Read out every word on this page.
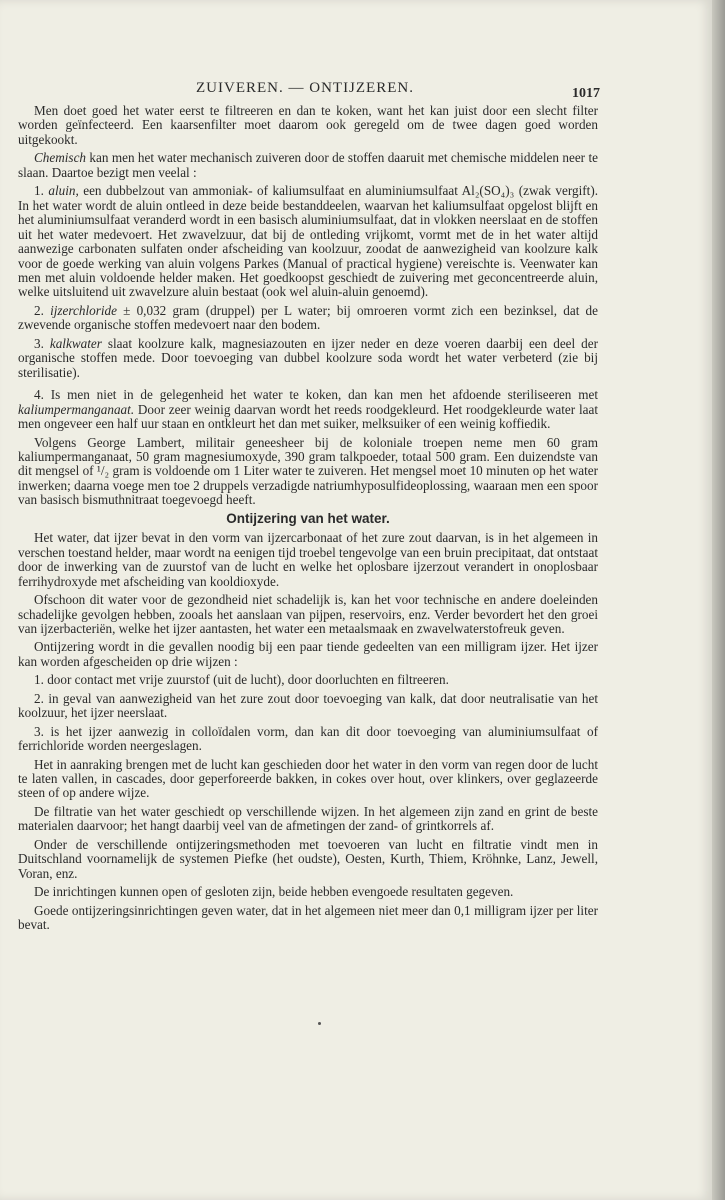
ZUIVEREN. — ONTIJZEREN.	1017

Men doet goed het water eerst te filtreeren en dan te koken, want het kan juist door een slecht filter worden geïnfecteerd. Een kaarsenfilter moet daarom ook geregeld om de twee dagen goed worden uitgekookt.

Chemisch kan men het water mechanisch zuiveren door de stoffen daaruit met chemische middelen neer te slaan. Daartoe bezigt men veelal :

1. aluin, een dubbelzout van ammoniak- of kaliumsulfaat en aluminiumsulfaat Al₂(SO₄)₃ (zwak vergift). In het water wordt de aluin ontleed in deze beide bestanddeelen, waarvan het kaliumsulfaat opgelost blijft en het aluminiumsulfaat veranderd wordt in een basisch aluminiumsulfaat, dat in vlokken neerslaat en de stoffen uit het water medevoert. Het zwavelzuur, dat bij de ontleding vrijkomt, vormt met de in het water altijd aanwezige carbonaten sulfaten onder afscheiding van koolzuur, zoodat de aanwezigheid van koolzure kalk voor de goede werking van aluin volgens Parkes (Manual of practical hygiene) vereischte is. Veenwater kan men met aluin voldoende helder maken. Het goedkoopst geschiedt de zuivering met geconcentreerde aluin, welke uitsluitend uit zwavelzure aluin bestaat (ook wel aluin-aluin genoemd).

2. ijzerchloride ± 0,032 gram (druppel) per L water; bij omroeren vormt zich een bezinksel, dat de zwevende organische stoffen medevoert naar den bodem.

3. kalkwater slaat koolzure kalk, magnesiazouten en ijzer neder en deze voeren daarbij een deel der organische stoffen mede. Door toevoeging van dubbel koolzure soda wordt het water verbeterd (zie bij sterilisatie).

4. Is men niet in de gelegenheid het water te koken, dan kan men het afdoende steriliseeren met kaliumpermanganaat. Door zeer weinig daarvan wordt het reeds roodgekleurd. Het roodgekleurde water laat men ongeveer een half uur staan en ontkleurt het dan met suiker, melksuiker of een weinig koffiedik.

Volgens George Lambert, militair geneesheer bij de koloniale troepen neme men 60 gram kaliumpermanganaat, 50 gram magnesiumoxyde, 390 gram talkpoeder, totaal 500 gram. Een duizendste van dit mengsel of ¹/₂ gram is voldoende om 1 Liter water te zuiveren. Het mengsel moet 10 minuten op het water inwerken; daarna voege men toe 2 druppels verzadigde natriumhyposulfideoplossing, waaraan men een spoor van basisch bismuthnitraat toegevoegd heeft.

Ontijzering van het water.

Het water, dat ijzer bevat in den vorm van ijzercarbonaat of het zure zout daarvan, is in het algemeen in verschen toestand helder, maar wordt na eenigen tijd troebel tengevolge van een bruin precipitaat, dat ontstaat door de inwerking van de zuurstof van de lucht en welke het oplosbare ijzerzout verandert in onoplosbaar ferrihydroxyde met afscheiding van kooldioxyde.

Ofschoon dit water voor de gezondheid niet schadelijk is, kan het voor technische en andere doeleinden schadelijke gevolgen hebben, zooals het aanslaan van pijpen, reservoirs, enz. Verder bevordert het den groei van ijzerbacteriën, welke het ijzer aantasten, het water een metaalsmaak en zwavelwaterstofreuk geven.

Ontijzering wordt in die gevallen noodig bij een paar tiende gedeelten van een milligram ijzer. Het ijzer kan worden afgescheiden op drie wijzen :

1. door contact met vrije zuurstof (uit de lucht), door doorluchten en filtreeren.

2. in geval van aanwezigheid van het zure zout door toevoeging van kalk, dat door neutralisatie van het koolzuur, het ijzer neerslaat.

3. is het ijzer aanwezig in colloïdalen vorm, dan kan dit door toevoeging van aluminiumsulfaat of ferrichloride worden neergeslagen.

Het in aanraking brengen met de lucht kan geschieden door het water in den vorm van regen door de lucht te laten vallen, in cascades, door geperforeerde bakken, in cokes over hout, over klinkers, over geglazeerde steen of op andere wijze.

De filtratie van het water geschiedt op verschillende wijzen. In het algemeen zijn zand en grint de beste materialen daarvoor; het hangt daarbij veel van de afmetingen der zand- of grintkorrels af.

Onder de verschillende ontijzeringsmethoden met toevoeren van lucht en filtratie vindt men in Duitschland voornamelijk de systemen Piefke (het oudste), Oesten, Kurth, Thiem, Kröhnke, Lanz, Jewell, Voran, enz.

De inrichtingen kunnen open of gesloten zijn, beide hebben evengoede resultaten gegeven.

Goede ontijzeringsinrichtingen geven water, dat in het algemeen niet meer dan 0,1 milligram ijzer per liter bevat.
